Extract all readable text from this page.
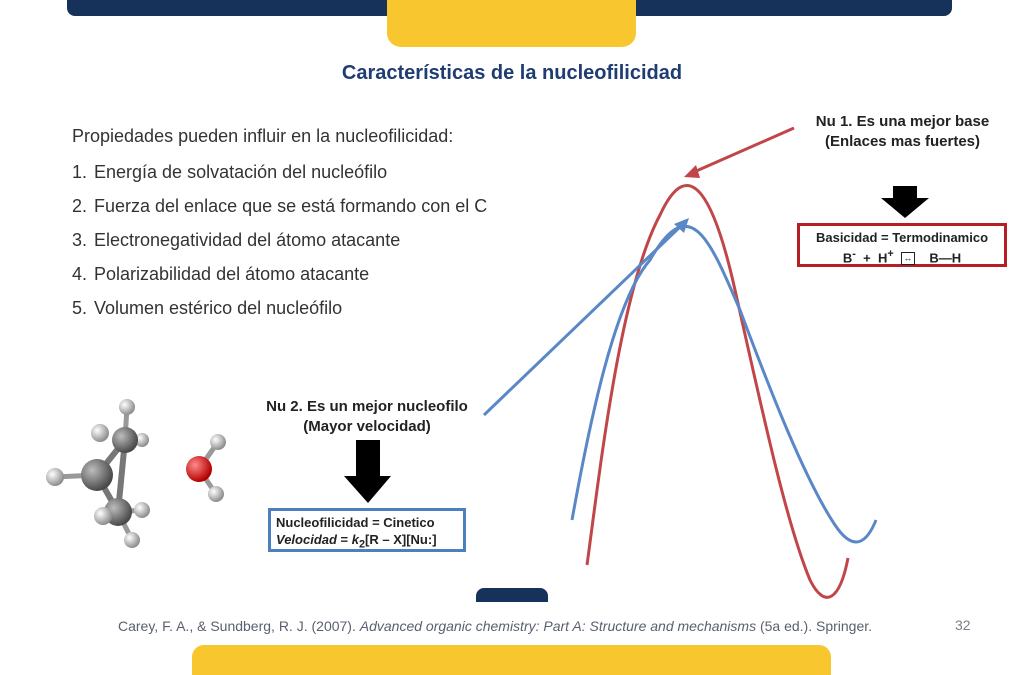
Características de la nucleofilicidad
Propiedades pueden influir en la nucleofilicidad:
1. Energía de solvatación del nucleófilo
2. Fuerza del enlace que se está formando con el C
3. Electronegatividad del átomo atacante
4. Polarizabilidad del átomo atacante
5. Volumen estérico del nucleófilo
Nu 1. Es una mejor base
(Enlaces mas fuertes)
Basicidad = Termodinamico
B- + H+ ↔ B—H
Nu 2. Es un mejor nucleofilo
(Mayor velocidad)
Nucleofilicidad = Cinetico
Velocidad = $k_2[R$ – X][Nu:]
Carey, F. A., & Sundberg, R. J. (2007). Advanced organic chemistry: Part A: Structure and mechanisms (5a ed.). Springer.	32
